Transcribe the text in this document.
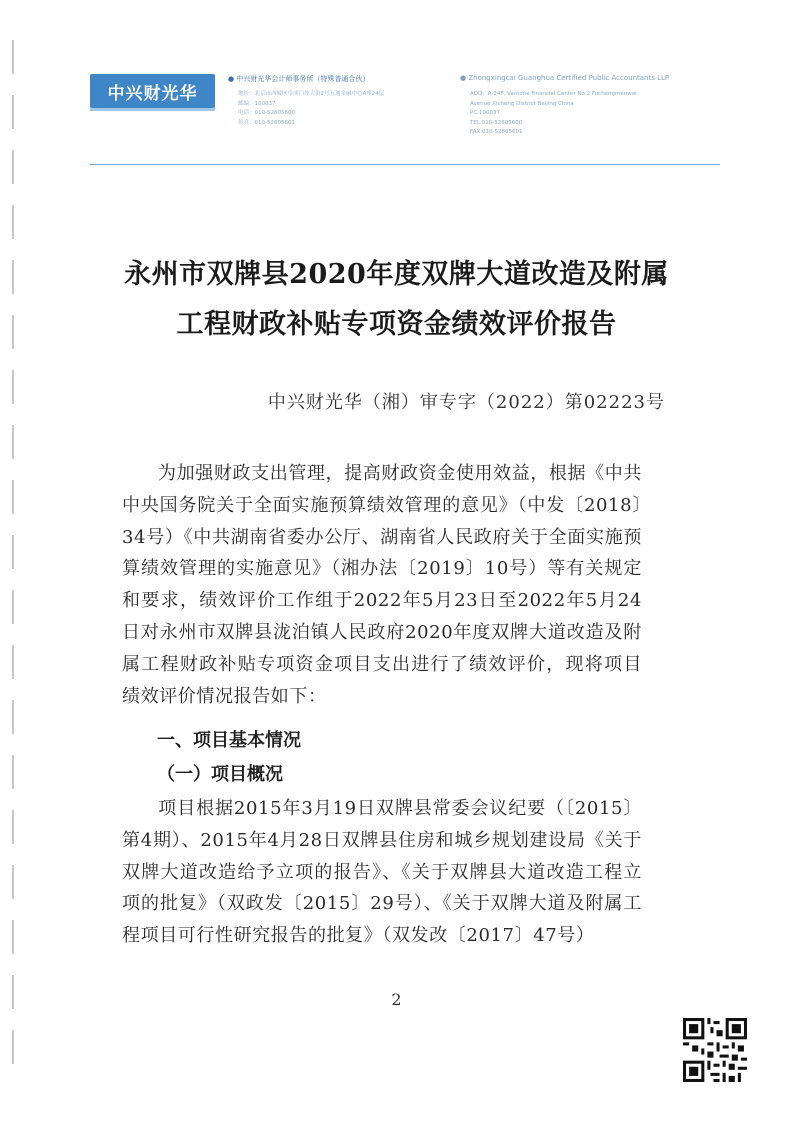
中兴财光华
● 中兴财光华会计师事务所（特殊普通合伙）	● Zhongxingcai Guanghua Certified Public Accountants LLP
地址：北京市西城区阜成门外大街2号万通金融中心A座24层
邮编：100037
电话：010-52805600
传真：010-52805601
ADD：A-24F, Vantone Financial Center No.2 Fuchengmenwai
Avenue Xicheng District Beijing China
PC:100037
TEL:010-52805600
FAX:010-52805601
永州市双牌县2020年度双牌大道改造及附属
工程财政补贴专项资金绩效评价报告
中兴财光华（湘）审专字（2022）第02223号
为加强财政支出管理，提高财政资金使用效益，根据《中共中央国务院关于全面实施预算绩效管理的意见》（中发〔2018〕34号）《中共湖南省委办公厅、湖南省人民政府关于全面实施预算绩效管理的实施意见》（湘办法〔2019〕10号）等有关规定和要求，绩效评价工作组于2022年5月23日至2022年5月24日对永州市双牌县泷泊镇人民政府2020年度双牌大道改造及附属工程财政补贴专项资金项目支出进行了绩效评价，现将项目绩效评价情况报告如下：
一、项目基本情况
（一）项目概况
项目根据2015年3月19日双牌县常委会议纪要（〔2015〕第4期）、2015年4月28日双牌县住房和城乡规划建设局《关于双牌大道改造给予立项的报告》、《关于双牌县大道改造工程立项的批复》（双政发〔2015〕29号）、《关于双牌大道及附属工程项目可行性研究报告的批复》（双发改〔2017〕47号）
2
